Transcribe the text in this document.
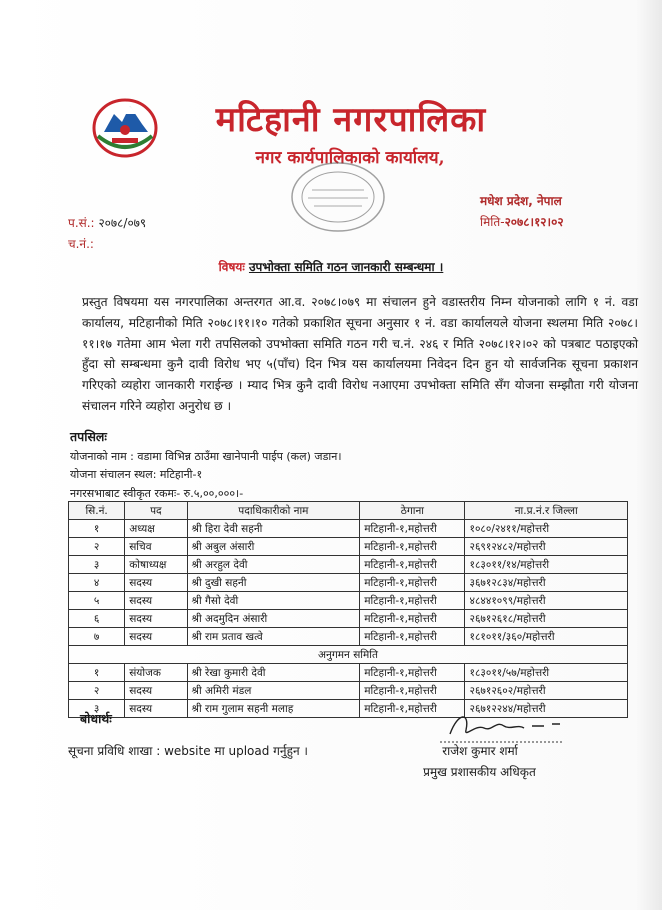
मटिहानी नगरपालिका
नगर कार्यपालिकाको कार्यालय,
मधेश प्रदेश, नेपाल
मिति-२०७८।१२।०२
प.सं.: २०७८/०७९
च.नं.:
विषयः उपभोक्ता समिति गठन जानकारी सम्बन्धमा ।
प्रस्तुत विषयमा यस नगरपालिका अन्तरगत आ.व. २०७८।०७९ मा संचालन हुने वडास्तरीय निम्न योजनाको लागि १ नं. वडा कार्यालय, मटिहानीको मिति २०७८।११।१० गतेको प्रकाशित सूचना अनुसार १ नं. वडा कार्यालयले योजना स्थलमा मिति २०७८।११।१७ गतेमा आम भेला गरी तपसिलको उपभोक्ता समिति गठन गरी च.नं. २४६ र मिति २०७८।१२।०२ को पत्रबाट पठाइएको हुँदा सो सम्बन्धमा कुनै दावी विरोध भए ५(पाँच) दिन भित्र यस कार्यालयमा निवेदन दिन हुन यो सार्वजनिक सूचना प्रकाशन गरिएको व्यहोरा जानकारी गराईन्छ । म्याद भित्र कुनै दावी विरोध नआएमा उपभोक्ता समिति सँग योजना सम्झौता गरी योजना संचालन गरिने व्यहोरा अनुरोध छ ।
तपसिलः
योजनाको नाम : वडामा विभिन्न ठाउँमा खानेपानी पाईप (कल) जडान।
योजना संचालन स्थल: मटिहानी-१
नगरसभाबाट स्वीकृत रकमः- रु.५,००,०००।-
सि.नं.	पद	पदाधिकारीको नाम	ठेगाना	ना.प्र.नं.र जिल्ला
१	अध्यक्ष	श्री हिरा देवी सहनी	मटिहानी-१,महोत्तरी	१०८०/२४११/महोत्तरी
२	सचिव	श्री अबुल अंसारी	मटिहानी-१,महोत्तरी	२६९१२४८२/महोत्तरी
३	कोषाध्यक्ष	श्री अरहुल देवी	मटिहानी-१,महोत्तरी	१८३०११/१४/महोत्तरी
४	सदस्य	श्री दुखी सहनी	मटिहानी-१,महोत्तरी	३६७१२८३४/महोत्तरी
५	सदस्य	श्री गैसो देवी	मटिहानी-१,महोत्तरी	४८४४१०९९/महोत्तरी
६	सदस्य	श्री अदमुदिन अंसारी	मटिहानी-१,महोत्तरी	२६७१२६१८/महोत्तरी
७	सदस्य	श्री राम प्रताव खत्वे	मटिहानी-१,महोत्तरी	१८१०११/३६०/महोत्तरी
अनुगमन समिति				
१	संयोजक	श्री रेखा कुमारी देवी	मटिहानी-१,महोत्तरी	१८३०११/५७/महोत्तरी
२	सदस्य	श्री अमिरी मंडल	मटिहानी-१,महोत्तरी	२६७१२६०२/महोत्तरी
३	सदस्य	श्री राम गुलाम सहनी मलाह	मटिहानी-१,महोत्तरी	२६७१२२४४/महोत्तरी
बोधार्थः
सूचना प्रविधि शाखा : website मा upload गर्नुहुन ।	राजेश कुमार शर्मा
प्रमुख प्रशासकीय अधिकृत
